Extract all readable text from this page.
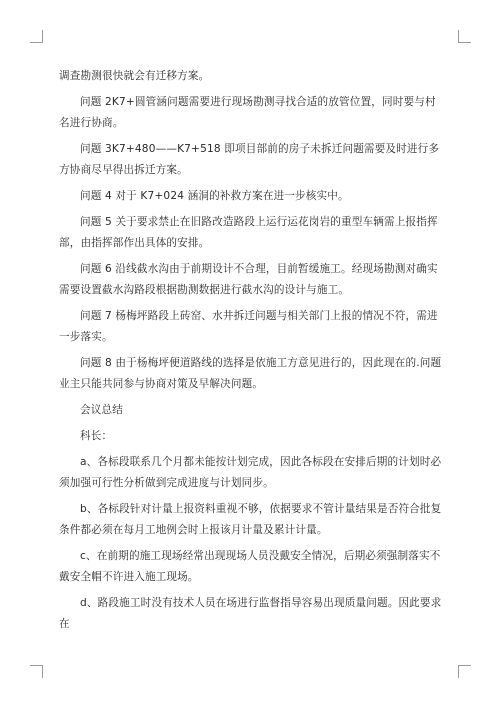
调查勘测很快就会有迁移方案。

问题 2K7+圆管涵问题需要进行现场勘测寻找合适的放管位置，同时要与村名进行协商。

问题 3K7+480——K7+518 即项目部前的房子未拆迁问题需要及时进行多方协商尽早得出拆迁方案。

问题 4 对于 K7+024 涵洞的补救方案在进一步核实中。

问题 5 关于要求禁止在旧路改造路段上运行运花岗岩的重型车辆需上报指挥部，由指挥部作出具体的安排。

问题 6 沿线截水沟由于前期设计不合理，目前暂缓施工。经现场勘测对确实需要设置截水沟路段根据勘测数据进行截水沟的设计与施工。

问题 7 杨梅坪路段上砖窑、水井拆迁问题与相关部门上报的情况不符，需进一步落实。

问题 8 由于杨梅坪便道路线的选择是依施工方意见进行的，因此现在的.问题业主只能共同参与协商对策及早解决问题。

会议总结

科长：

a、各标段联系几个月都未能按计划完成，因此各标段在安排后期的计划时必须加强可行性分析做到完成进度与计划同步。

b、各标段针对计量上报资料重视不够，依据要求不管计量结果是否符合批复条件都必须在每月工地例会时上报该月计量及累计计量。

c、在前期的施工现场经常出现现场人员没戴安全情况，后期必须强制落实不戴安全帽不许进入施工现场。

d、路段施工时没有技术人员在场进行监督指导容易出现质量问题。因此要求在
